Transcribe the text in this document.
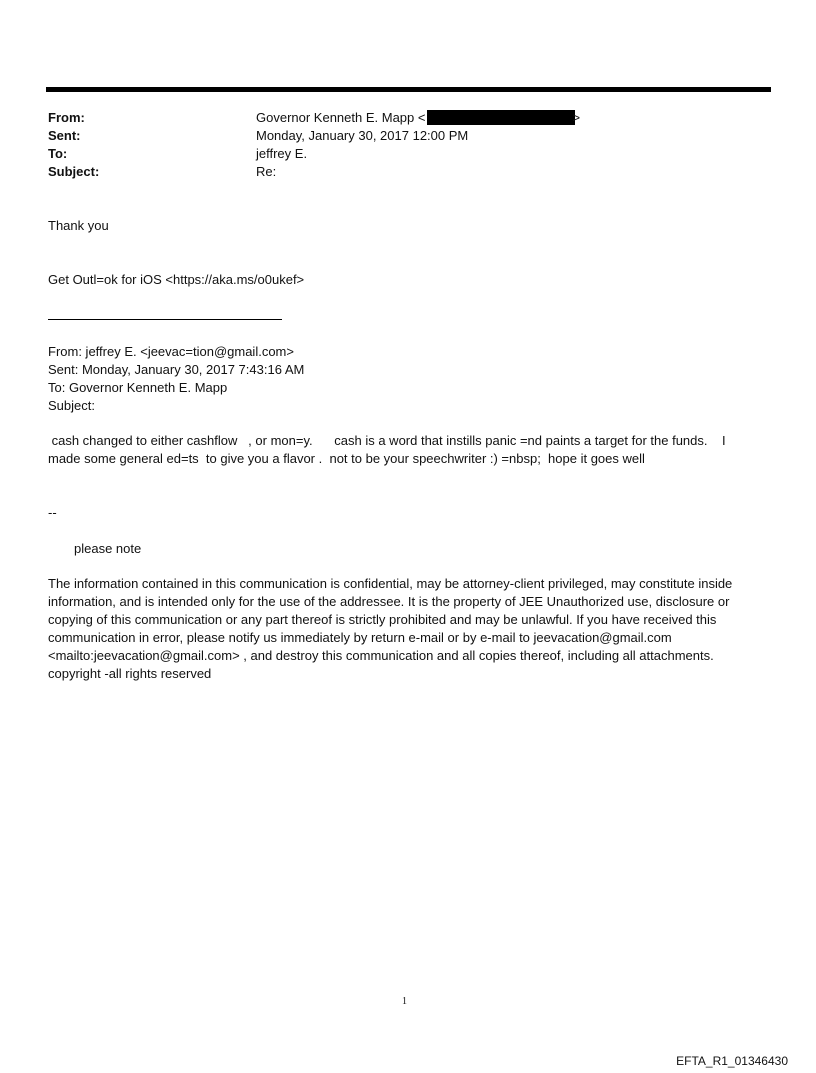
From:	Governor Kenneth E. Mapp <	>
Sent:	Monday, January 30, 2017 12:00 PM
To:	jeffrey E.
Subject:	Re:
Thank you
Get Outl=ok for iOS <https://aka.ms/o0ukef>
From: jeffrey E. <jeevac=tion@gmail.com>
Sent: Monday, January 30, 2017 7:43:16 AM
To: Governor Kenneth E. Mapp
Subject:
cash changed to either cashflow   , or mon=y.      cash is a word that instills panic =nd paints a target for the funds.    I
made some general ed=ts  to give you a flavor .  not to be your speechwriter :) =nbsp;  hope it goes well
--
please note
The information contained in this communication is confidential, may be attorney-client privileged, may constitute inside information, and is intended only for the use of the addressee. It is the property of JEE Unauthorized use, disclosure or copying of this communication or any part thereof is strictly prohibited and may be unlawful. If you have received this communication in error, please notify us immediately by return e-mail or by e-mail to jeevacation@gmail.com <mailto:jeevacation@gmail.com> , and destroy this communication and all copies thereof, including all attachments. copyright -all rights reserved
1
EFTA_R1_01346430
